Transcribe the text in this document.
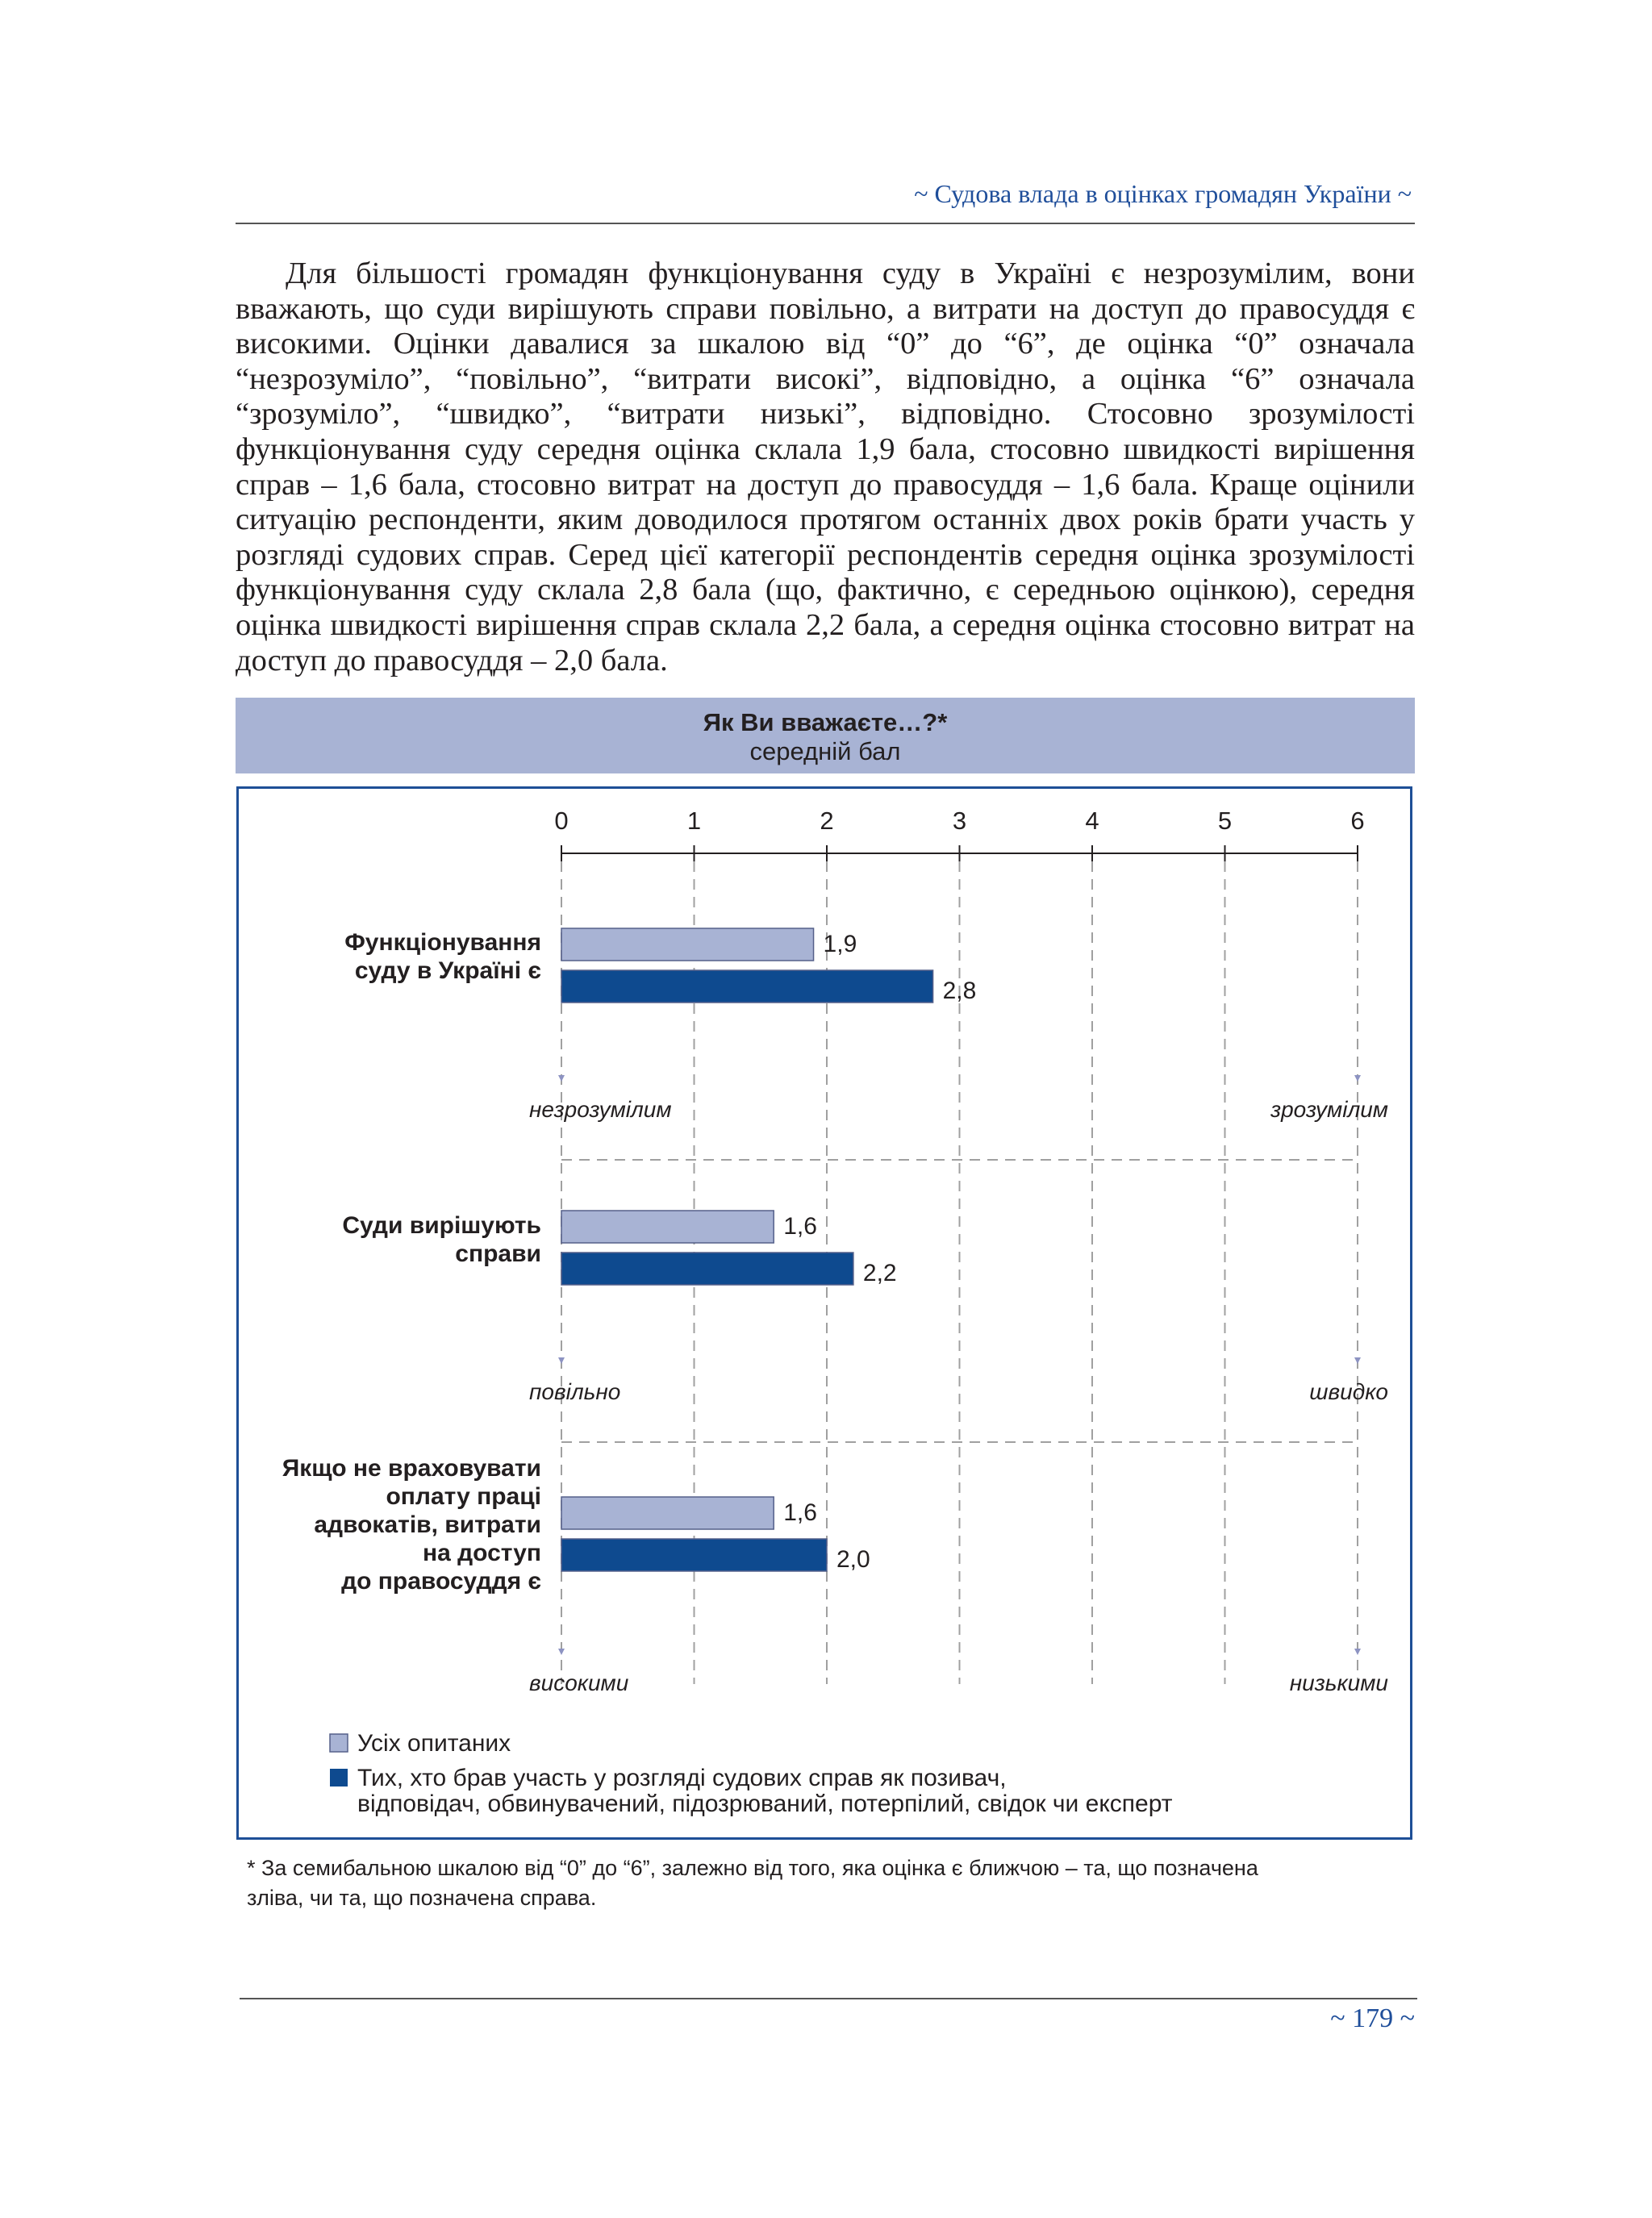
~ Судова влада в оцінках громадян України ~

Для більшості громадян функціонування суду в Україні є незрозумілим, вони вважають, що суди вирішують справи повільно, а витрати на доступ до правосуддя є високими. Оцінки давалися за шкалою від “0” до “6”, де оцінка “0” означала “незрозуміло”, “повільно”, “витрати високі”, відповідно, а оцінка “6” означала “зрозуміло”, “швидко”, “витрати низькі”, відповідно. Стосовно зрозумілості функціонування суду середня оцінка склала 1,9 бала, стосовно швидкості вирішення справ – 1,6 бала, стосовно витрат на доступ до правосуддя – 1,6 бала. Краще оцінили ситуацію респонденти, яким доводилося протягом останніх двох років брати участь у розгляді судових справ. Серед цієї категорії респондентів середня оцінка зрозумілості функціонування суду склала 2,8 бала (що, фактично, є середньою оцінкою), середня оцінка швидкості вирішення справ склала 2,2 бала, а середня оцінка стосовно витрат на доступ до правосуддя – 2,0 бала.

Як Ви вважаєте…?*
середній бал
0	1	2	3	4	5	6
Функціонування
суду в Україні є
1,9
2,8
незрозумілим	зрозумілим
Суди вирішують
справи
1,6
2,2
повільно	швидко
Якщо не враховувати
оплату праці
адвокатів, витрати
на доступ
до правосуддя є
1,6
2,0
високими	низькими
Усіх опитаних
Тих, хто брав участь у розгляді судових справ як позивач,
відповідач, обвинувачений, підозрюваний, потерпілий, свідок чи експерт
* За семибальною шкалою від “0” до “6”, залежно від того, яка оцінка є ближчою – та, що позначена
зліва, чи та, що позначена справа.
~ 179 ~
